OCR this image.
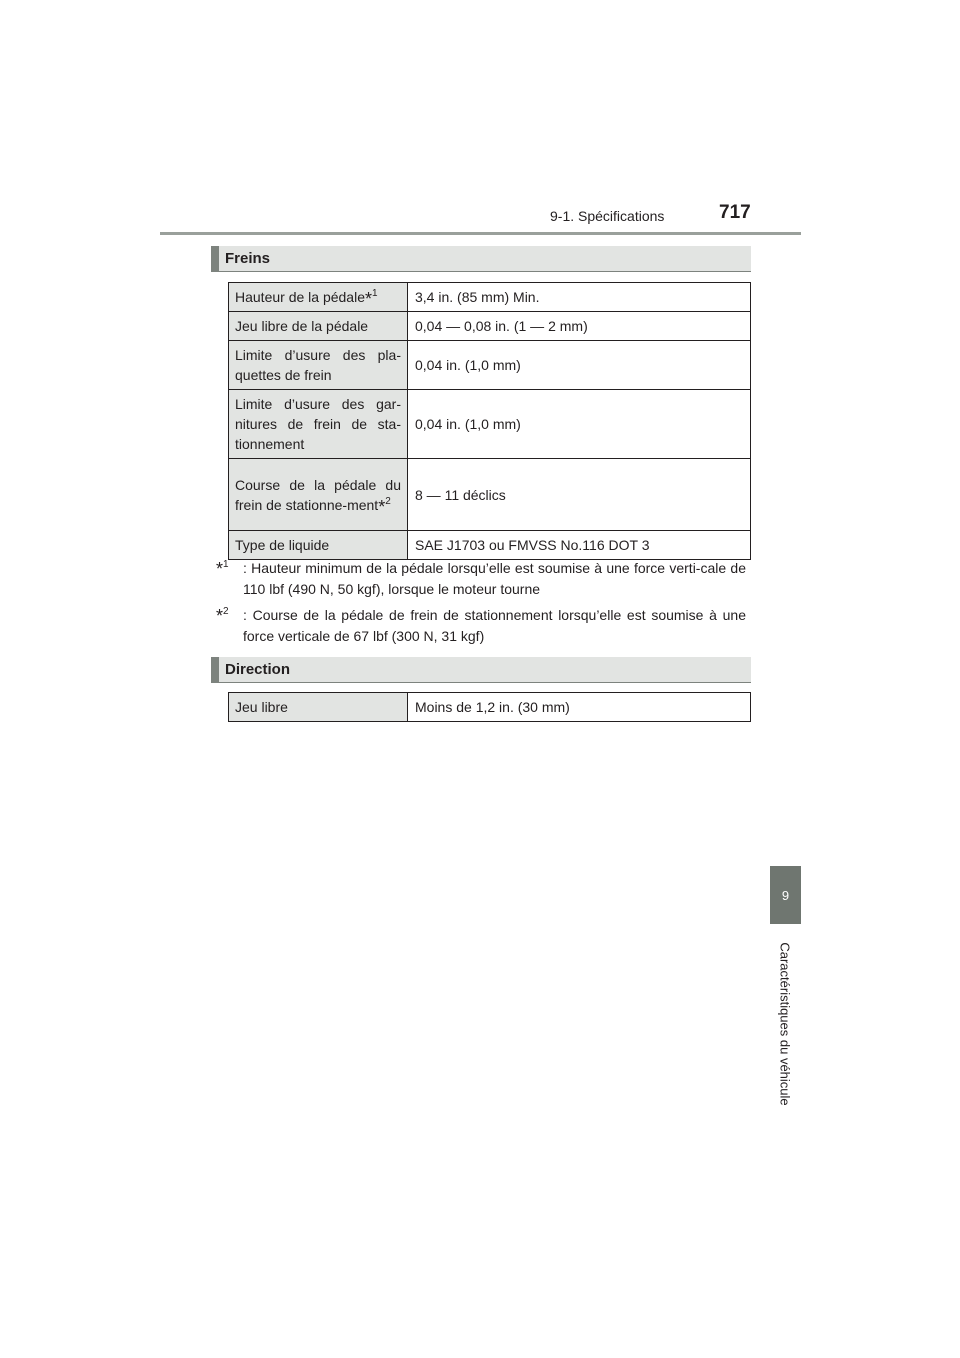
9-1. Spécifications	717
9
Caractéristiques du véhicule
Freins
Hauteur de la pédale*$^1$	3,4 in. (85 mm) Min.
Jeu libre de la pédale	0,04 — 0,08 in. (1 — 2 mm)
Limite d’usure des pla-quettes de frein	0,04 in. (1,0 mm)
Limite d’usure des gar-nitures de frein de sta-tionnement	0,04 in. (1,0 mm)
Course de la pédale du frein de stationne-ment*$^2$	8 — 11 déclics
Type de liquide	SAE J1703 ou FMVSS No.116 DOT 3
*$^1$	: Hauteur minimum de la pédale lorsqu’elle est soumise à une force verti-cale de 110 lbf (490 N, 50 kgf), lorsque le moteur tourne
*$^2$	: Course de la pédale de frein de stationnement lorsqu’elle est soumise à une force verticale de 67 lbf (300 N, 31 kgf)
Direction
Jeu libre	Moins de 1,2 in. (30 mm)
